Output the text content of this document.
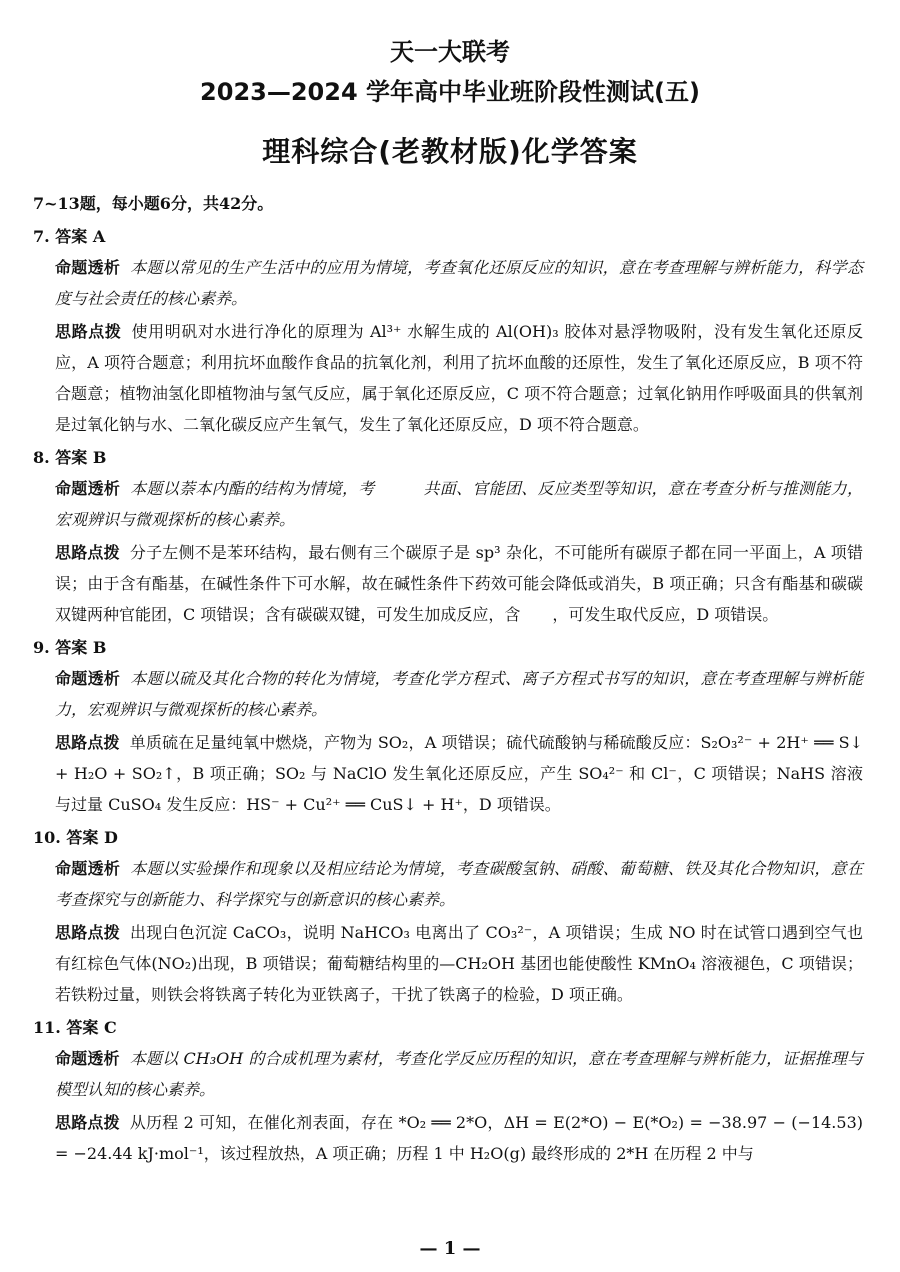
天一大联考
2023—2024 学年高中毕业班阶段性测试(五)
理科综合(老教材版)化学答案

7~13题，每小题6分，共42分。

7. 答案 A

命题透析 本题以常见的生产生活中的应用为情境，考查氧化还原反应的知识，意在考查理解与辨析能力，科学态度与社会责任的核心素养。

思路点拨 使用明矾对水进行净化的原理为 Al³⁺ 水解生成的 Al(OH)₃ 胶体对悬浮物吸附，没有发生氧化还原反应，A 项符合题意；利用抗坏血酸作食品的抗氧化剂，利用了抗坏血酸的还原性，发生了氧化还原反应，B 项不符合题意；植物油氢化即植物油与氢气反应，属于氧化还原反应，C 项不符合题意；过氧化钠用作呼吸面具的供氧剂是过氧化钠与水、二氧化碳反应产生氧气，发生了氧化还原反应，D 项不符合题意。

8. 答案 B

命题透析 本题以萘本内酯的结构为情境，考　　　共面、官能团、反应类型等知识，意在考查分析与推测能力，宏观辨识与微观探析的核心素养。

思路点拨 分子左侧不是苯环结构，最右侧有三个碳原子是 sp³ 杂化，不可能所有碳原子都在同一平面上，A 项错误；由于含有酯基，在碱性条件下可水解，故在碱性条件下药效可能会降低或消失，B 项正确；只含有酯基和碳碳双键两种官能团，C 项错误；含有碳碳双键，可发生加成反应，含　　，可发生取代反应，D 项错误。

9. 答案 B

命题透析 本题以硫及其化合物的转化为情境，考查化学方程式、离子方程式书写的知识，意在考查理解与辨析能力，宏观辨识与微观探析的核心素养。

思路点拨 单质硫在足量纯氧中燃烧，产物为 SO₂，A 项错误；硫代硫酸钠与稀硫酸反应：S₂O₃²⁻ + 2H⁺ ══ S↓ + H₂O + SO₂↑，B 项正确；SO₂ 与 NaClO 发生氧化还原反应，产生 SO₄²⁻ 和 Cl⁻，C 项错误；NaHS 溶液与过量 CuSO₄ 发生反应：HS⁻ + Cu²⁺ ══ CuS↓ + H⁺，D 项错误。

10. 答案 D

命题透析 本题以实验操作和现象以及相应结论为情境，考查碳酸氢钠、硝酸、葡萄糖、铁及其化合物知识，意在考查探究与创新能力、科学探究与创新意识的核心素养。

思路点拨 出现白色沉淀 CaCO₃，说明 NaHCO₃ 电离出了 CO₃²⁻，A 项错误；生成 NO 时在试管口遇到空气也有红棕色气体(NO₂)出现，B 项错误；葡萄糖结构里的—CH₂OH 基团也能使酸性 KMnO₄ 溶液褪色，C 项错误；若铁粉过量，则铁会将铁离子转化为亚铁离子，干扰了铁离子的检验，D 项正确。

11. 答案 C

命题透析 本题以 CH₃OH 的合成机理为素材，考查化学反应历程的知识，意在考查理解与辨析能力，证据推理与模型认知的核心素养。

思路点拨 从历程 2 可知，在催化剂表面，存在 *O₂ ══ 2*O，ΔH = E(2*O) − E(*O₂) = −38.97 − (−14.53) = −24.44 kJ·mol⁻¹，该过程放热，A 项正确；历程 1 中 H₂O(g) 最终形成的 2*H 在历程 2 中与

— 1 —
